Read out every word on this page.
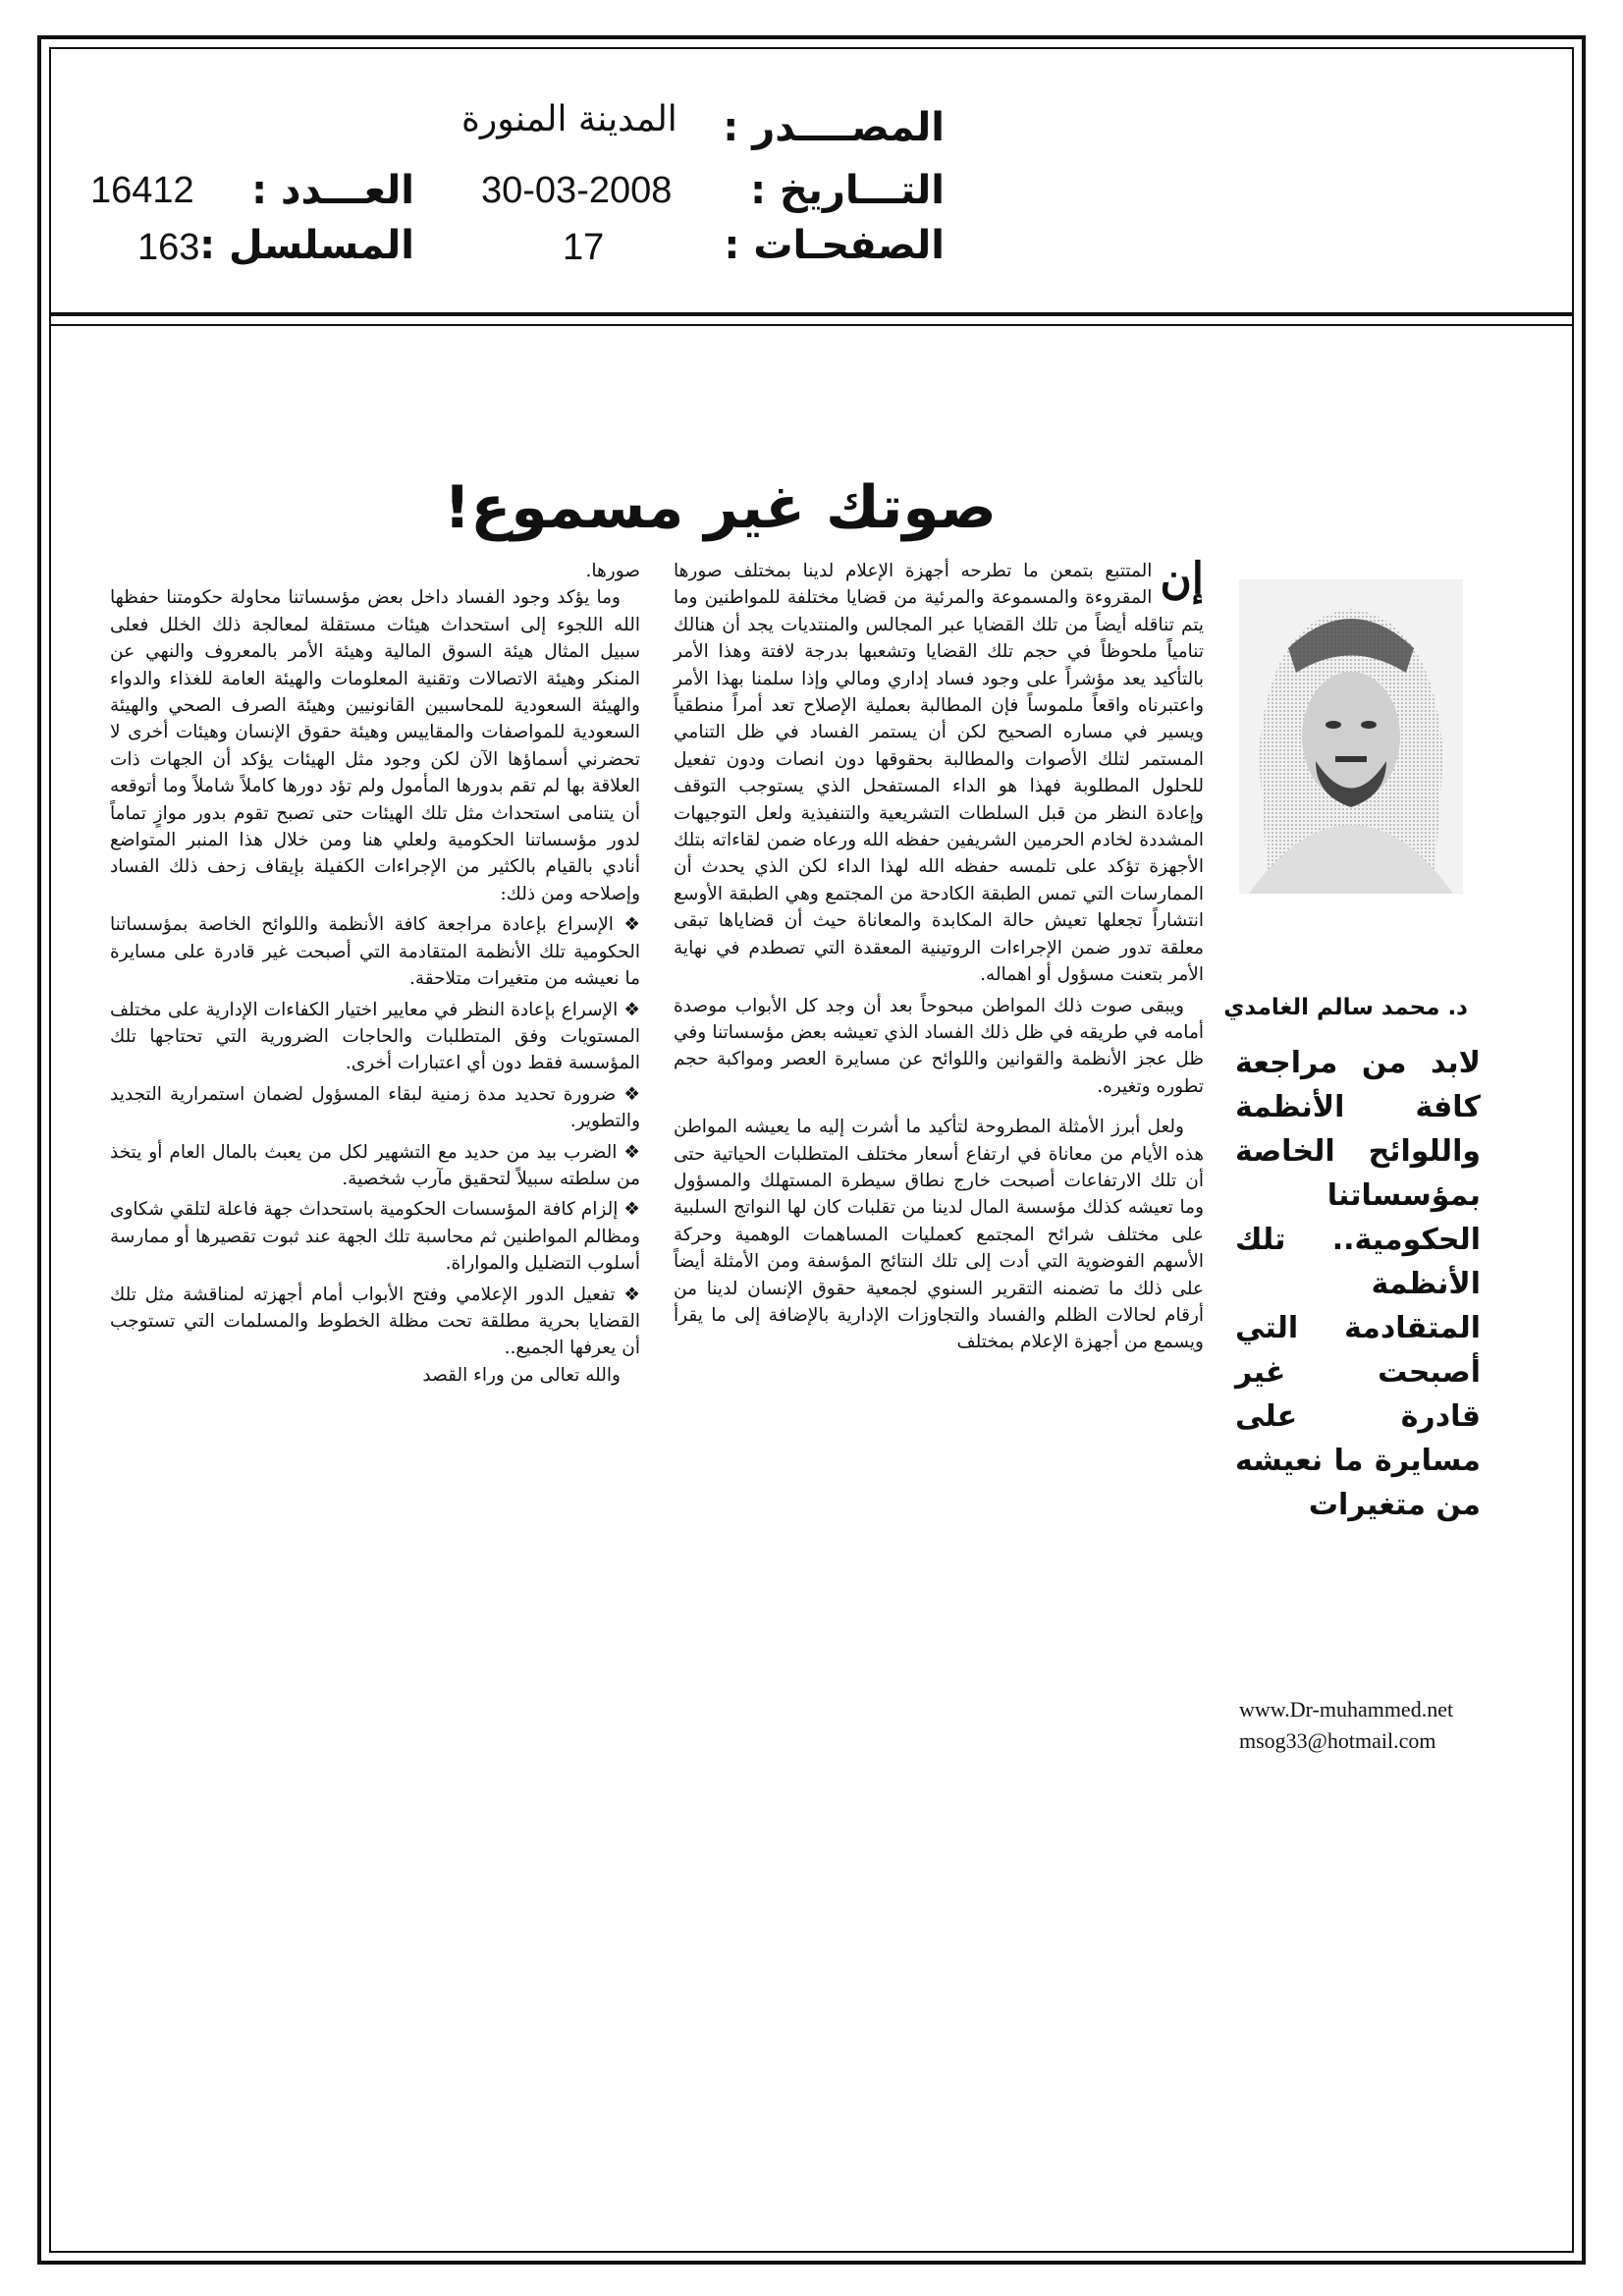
المصــــدر :
المدينة المنورة
التـــاريخ :
30-03-2008
العـــدد :
16412
الصفحـات :
17
المسلسل :
163
صوتك غير مسموع!
د. محمد سالم الغامدي
لابد من مراجعة كافة الأنظمة واللوائح الخاصة بمؤسساتنا الحكومية.. تلك الأنظمة المتقادمة التي أصبحت غير قادرة على مسايرة ما نعيشه من متغيرات

إن
المتتبع بتمعن ما تطرحه أجهزة الإعلام لدينا بمختلف صورها المقروءة والمسموعة والمرئية من قضايا مختلفة للمواطنين وما يتم تناقله أيضاً من تلك القضايا عبر المجالس والمنتديات يجد أن هنالك تنامياً ملحوظاً في حجم تلك القضايا وتشعبها بدرجة لافتة وهذا الأمر بالتأكيد يعد مؤشراً على وجود فساد إداري ومالي وإذا سلمنا بهذا الأمر واعتبرناه واقعاً ملموساً فإن المطالبة بعملية الإصلاح تعد أمراً منطقياً ويسير في مساره الصحيح لكن أن يستمر الفساد في ظل التنامي المستمر لتلك الأصوات والمطالبة بحقوقها دون انصات ودون تفعيل للحلول المطلوبة فهذا هو الداء المستفحل الذي يستوجب التوقف وإعادة النظر من قبل السلطات التشريعية والتنفيذية ولعل التوجيهات المشددة لخادم الحرمين الشريفين حفظه الله ورعاه ضمن لقاءاته بتلك الأجهزة تؤكد على تلمسه حفظه الله لهذا الداء لكن الذي يحدث أن الممارسات التي تمس الطبقة الكادحة من المجتمع وهي الطبقة الأوسع انتشاراً تجعلها تعيش حالة المكابدة والمعاناة حيث أن قضاياها تبقى معلقة تدور ضمن الإجراءات الروتينية المعقدة التي تصطدم في نهاية الأمر بتعنت مسؤول أو اهماله.

ويبقى صوت ذلك المواطن مبحوحاً بعد أن وجد كل الأبواب موصدة أمامه في طريقه في ظل ذلك الفساد الذي تعيشه بعض مؤسساتنا وفي ظل عجز الأنظمة والقوانين واللوائح عن مسايرة العصر ومواكبة حجم تطوره وتغيره.

ولعل أبرز الأمثلة المطروحة لتأكيد ما أشرت إليه ما يعيشه المواطن هذه الأيام من معاناة في ارتفاع أسعار مختلف المتطلبات الحياتية حتى أن تلك الارتفاعات أصبحت خارج نطاق سيطرة المستهلك والمسؤول وما تعيشه كذلك مؤسسة المال لدينا من تقلبات كان لها النواتج السلبية على مختلف شرائح المجتمع كعمليات المساهمات الوهمية وحركة الأسهم الفوضوية التي أدت إلى تلك النتائج المؤسفة ومن الأمثلة أيضاً على ذلك ما تضمنه التقرير السنوي لجمعية حقوق الإنسان لدينا من أرقام لحالات الظلم والفساد والتجاوزات الإدارية بالإضافة إلى ما يقرأ ويسمع من أجهزة الإعلام بمختلف

صورها.

وما يؤكد وجود الفساد داخل بعض مؤسساتنا محاولة حكومتنا حفظها الله اللجوء إلى استحداث هيئات مستقلة لمعالجة ذلك الخلل فعلى سبيل المثال هيئة السوق المالية وهيئة الأمر بالمعروف والنهي عن المنكر وهيئة الاتصالات وتقنية المعلومات والهيئة العامة للغذاء والدواء والهيئة السعودية للمحاسبين القانونيين وهيئة الصرف الصحي والهيئة السعودية للمواصفات والمقاييس وهيئة حقوق الإنسان وهيئات أخرى لا تحضرني أسماؤها الآن لكن وجود مثل الهيئات يؤكد أن الجهات ذات العلاقة بها لم تقم بدورها المأمول ولم تؤد دورها كاملاً شاملاً وما أتوقعه أن يتنامى استحداث مثل تلك الهيئات حتى تصبح تقوم بدور موازٍ تماماً لدور مؤسساتنا الحكومية ولعلي هنا ومن خلال هذا المنبر المتواضع أنادي بالقيام بالكثير من الإجراءات الكفيلة بإيقاف زحف ذلك الفساد وإصلاحه ومن ذلك:

❖ الإسراع بإعادة مراجعة كافة الأنظمة واللوائح الخاصة بمؤسساتنا الحكومية تلك الأنظمة المتقادمة التي أصبحت غير قادرة على مسايرة ما نعيشه من متغيرات متلاحقة.

❖ الإسراع بإعادة النظر في معايير اختيار الكفاءات الإدارية على مختلف المستويات وفق المتطلبات والحاجات الضرورية التي تحتاجها تلك المؤسسة فقط دون أي اعتبارات أخرى.

❖ ضرورة تحديد مدة زمنية لبقاء المسؤول لضمان استمرارية التجديد والتطوير.

❖ الضرب بيد من حديد مع التشهير لكل من يعبث بالمال العام أو يتخذ من سلطته سبيلاً لتحقيق مآرب شخصية.

❖ إلزام كافة المؤسسات الحكومية باستحداث جهة فاعلة لتلقي شكاوى ومظالم المواطنين ثم محاسبة تلك الجهة عند ثبوت تقصيرها أو ممارسة أسلوب التضليل والمواراة.

❖ تفعيل الدور الإعلامي وفتح الأبواب أمام أجهزته لمناقشة مثل تلك القضايا بحرية مطلقة تحت مظلة الخطوط والمسلمات التي تستوجب أن يعرفها الجميع..

والله تعالى من وراء القصد

www.Dr-muhammed.net
msog33@hotmail.com
